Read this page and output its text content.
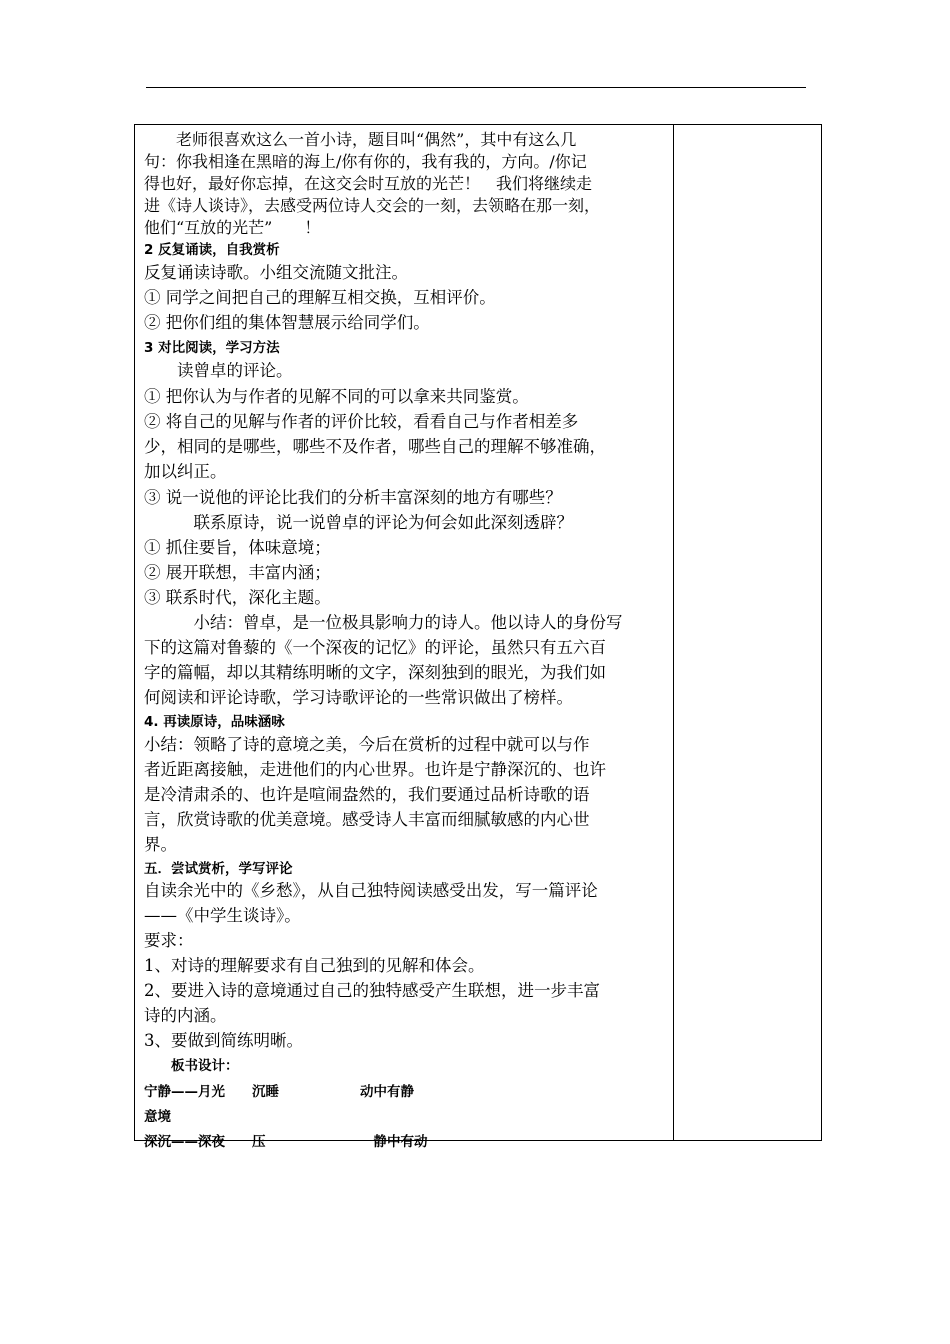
　　老师很喜欢这么一首小诗，题目叫“偶然”，其中有这么几
句：你我相逢在黑暗的海上/你有你的，我有我的，方向。/你记
得也好，最好你忘掉，在这交会时互放的光芒！　我们将继续走
进《诗人谈诗》，去感受两位诗人交会的一刻，去领略在那一刻，
他们“互放的光芒”　　！
2 反复诵读，自我赏析
反复诵读诗歌。小组交流随文批注。
① 同学之间把自己的理解互相交换，互相评价。
② 把你们组的集体智慧展示给同学们。
3 对比阅读，学习方法
　　读曾卓的评论。
① 把你认为与作者的见解不同的可以拿来共同鉴赏。
② 将自己的见解与作者的评价比较，看看自己与作者相差多
少，相同的是哪些，哪些不及作者，哪些自己的理解不够准确，
加以纠正。
③ 说一说他的评论比我们的分析丰富深刻的地方有哪些？
　　　联系原诗，说一说曾卓的评论为何会如此深刻透辟？
① 抓住要旨，体味意境；
② 展开联想，丰富内涵；
③ 联系时代，深化主题。
　　　小结：曾卓，是一位极具影响力的诗人。他以诗人的身份写
下的这篇对鲁藜的《一个深夜的记忆》的评论，虽然只有五六百
字的篇幅，却以其精练明晰的文字，深刻独到的眼光，为我们如
何阅读和评论诗歌，学习诗歌评论的一些常识做出了榜样。
4. 再读原诗，品味涵咏
小结：领略了诗的意境之美，今后在赏析的过程中就可以与作
者近距离接触，走进他们的内心世界。也许是宁静深沉的、也许
是冷清肃杀的、也许是喧闹盎然的，我们要通过品析诗歌的语
言，欣赏诗歌的优美意境。感受诗人丰富而细腻敏感的内心世
界。
五．尝试赏析，学写评论
自读余光中的《乡愁》，从自己独特阅读感受出发，写一篇评论
——《中学生谈诗》。
要求：
1、对诗的理解要求有自己独到的见解和体会。
2、要进入诗的意境通过自己的独特感受产生联想，进一步丰富
诗的内涵。
3、要做到简练明晰。
　　板书设计：
宁静——月光　　沉睡　　　　　　动中有静
意境
深沉——深夜　　压　　　　　　　　静中有动
